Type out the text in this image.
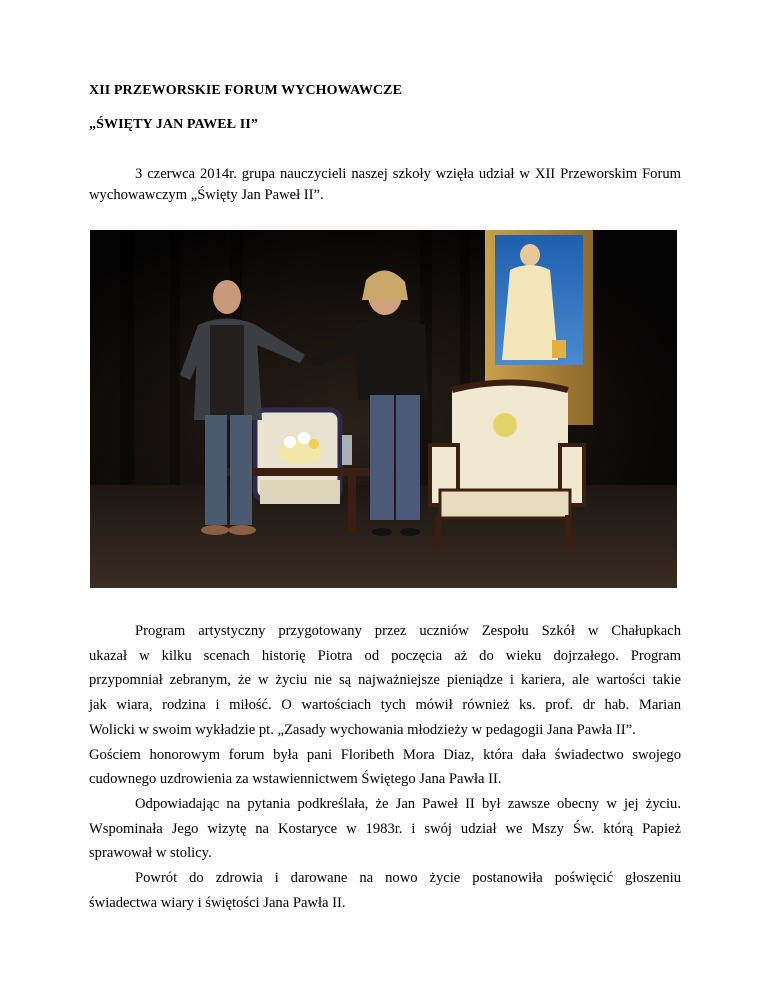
XII PRZEWORSKIE FORUM WYCHOWAWCZE
„ŚWIĘTY JAN PAWEŁ II”

3 czerwca 2014r. grupa nauczycieli naszej szkoły wzięła udział w XII Przeworskim Forum wychowawczym „Święty Jan Paweł II”.

Program artystyczny przygotowany przez uczniów Zespołu Szkół w Chałupkach

ukazał w kilku scenach historię Piotra od poczęcia aż do wieku dojrzałego. Program

przypomniał zebranym, że w życiu nie są najważniejsze pieniądze i kariera, ale wartości takie

jak wiara, rodzina i miłość. O wartościach tych mówił również ks. prof. dr hab. Marian

Wolicki w swoim wykładzie pt. „Zasady wychowania młodzieży w pedagogii Jana Pawła II”.

Gościem honorowym forum była pani Floribeth Mora Diaz, która dała świadectwo swojego

cudownego uzdrowienia za wstawiennictwem Świętego Jana Pawła II.

Odpowiadając na pytania podkreślała, że Jan Paweł II był zawsze obecny w jej życiu.

Wspominała Jego wizytę na Kostaryce w 1983r. i swój udział we Mszy Św. którą Papież

sprawował w stolicy.

Powrót do zdrowia i darowane na nowo życie postanowiła poświęcić głoszeniu

świadectwa wiary i świętości Jana Pawła II.
